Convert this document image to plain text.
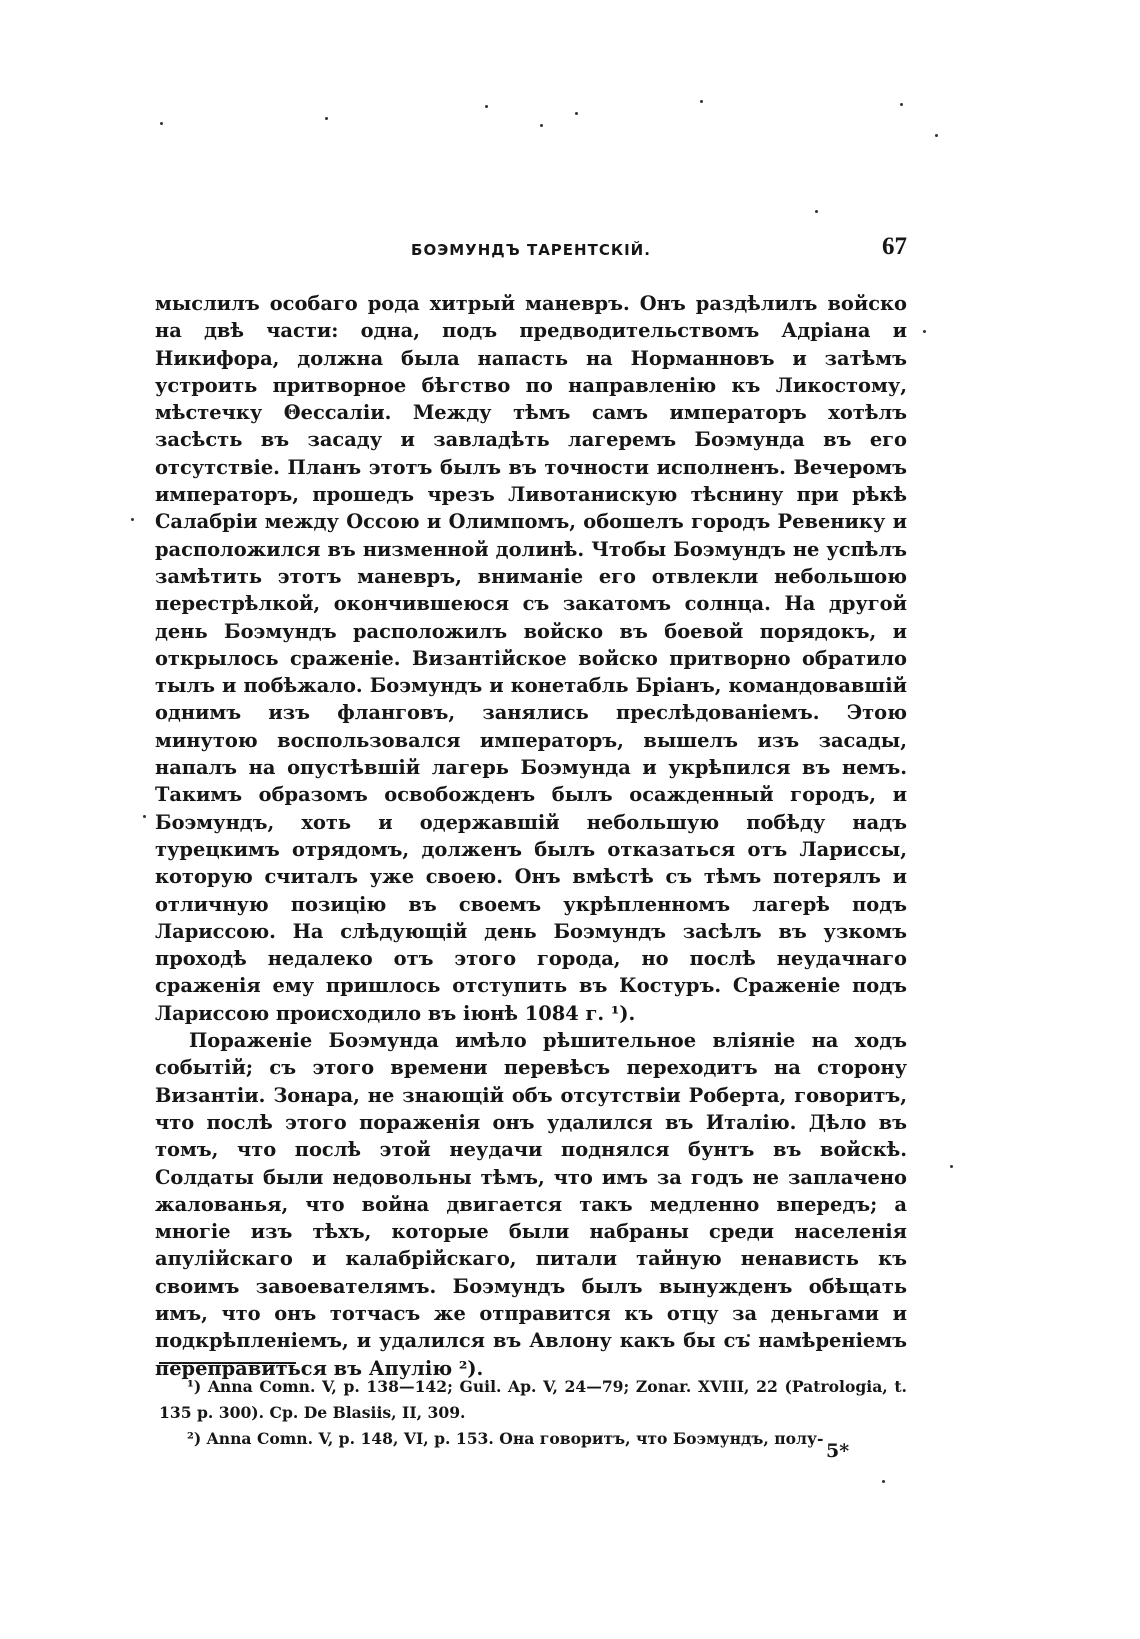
БОЭМУНДЪ ТАРЕНТСКІЙ.	67

мыслилъ особаго рода хитрый маневръ. Онъ раздѣлилъ войско на двѣ части: одна, подъ предводительствомъ Адріана и Никифора, должна была напасть на Норманновъ и затѣмъ устроить притворное бѣгство по направленію къ Ликостому, мѣстечку Θессаліи. Между тѣмъ самъ императоръ хотѣлъ засѣсть въ засаду и завладѣть лагеремъ Боэмунда въ его отсутствіе. Планъ этотъ былъ въ точности исполненъ. Вечеромъ императоръ, прошедъ чрезъ Ливотанискую тѣснину при рѣкѣ Салабріи между Оссою и Олимпомъ, обошелъ городъ Ревенику и расположился въ низменной долинѣ. Чтобы Боэмундъ не успѣлъ замѣтить этотъ маневръ, вниманіе его отвлекли небольшою перестрѣлкой, окончившеюся съ закатомъ солнца. На другой день Боэмундъ расположилъ войско въ боевой порядокъ, и открылось сраженіе. Византійское войско притворно обратило тылъ и побѣжало. Боэмундъ и конетабль Бріанъ, командовавшій однимъ изъ фланговъ, занялись преслѣдованіемъ. Этою минутою воспользовался императоръ, вышелъ изъ засады, напалъ на опустѣвшій лагерь Боэмунда и укрѣпился въ немъ. Такимъ образомъ освобожденъ былъ осажденный городъ, и Боэмундъ, хоть и одержавшій небольшую побѣду надъ турецкимъ отрядомъ, долженъ былъ отказаться отъ Лариссы, которую считалъ уже своею. Онъ вмѣстѣ съ тѣмъ потерялъ и отличную позицію въ своемъ укрѣпленномъ лагерѣ подъ Лариссою. На слѣдующій день Боэмундъ засѣлъ въ узкомъ проходѣ недалеко отъ этого города, но послѣ неудачнаго сраженія ему пришлось отступить въ Костуръ. Сраженіе подъ Лариссою происходило въ іюнѣ 1084 г. ¹).

Пораженіе Боэмунда имѣло рѣшительное вліяніе на ходъ событій; съ этого времени перевѣсъ переходитъ на сторону Византіи. Зонара, не знающій объ отсутствіи Роберта, говоритъ, что послѣ этого пораженія онъ удалился въ Италію. Дѣло въ томъ, что послѣ этой неудачи поднялся бунтъ въ войскѣ. Солдаты были недовольны тѣмъ, что имъ за годъ не заплачено жалованья, что война двигается такъ медленно впередъ; а многіе изъ тѣхъ, которые были набраны среди населенія апулійскаго и калабрійскаго, питали тайную ненависть къ своимъ завоевателямъ. Боэмундъ былъ вынужденъ обѣщать имъ, что онъ тотчасъ же отправится къ отцу за деньгами и подкрѣпленіемъ, и удалился въ Авлону какъ бы съ намѣреніемъ переправиться въ Апулію ²).

¹) Anna Comn. V, p. 138—142; Guil. Ap. V, 24—79; Zonar. XVIII, 22 (Patrologia, t. 135 p. 300). Cp. De Blasiis, II, 309.

²) Anna Comn. V, p. 148, VI, p. 153. Она говоритъ, что Боэмундъ, полу-

5*
